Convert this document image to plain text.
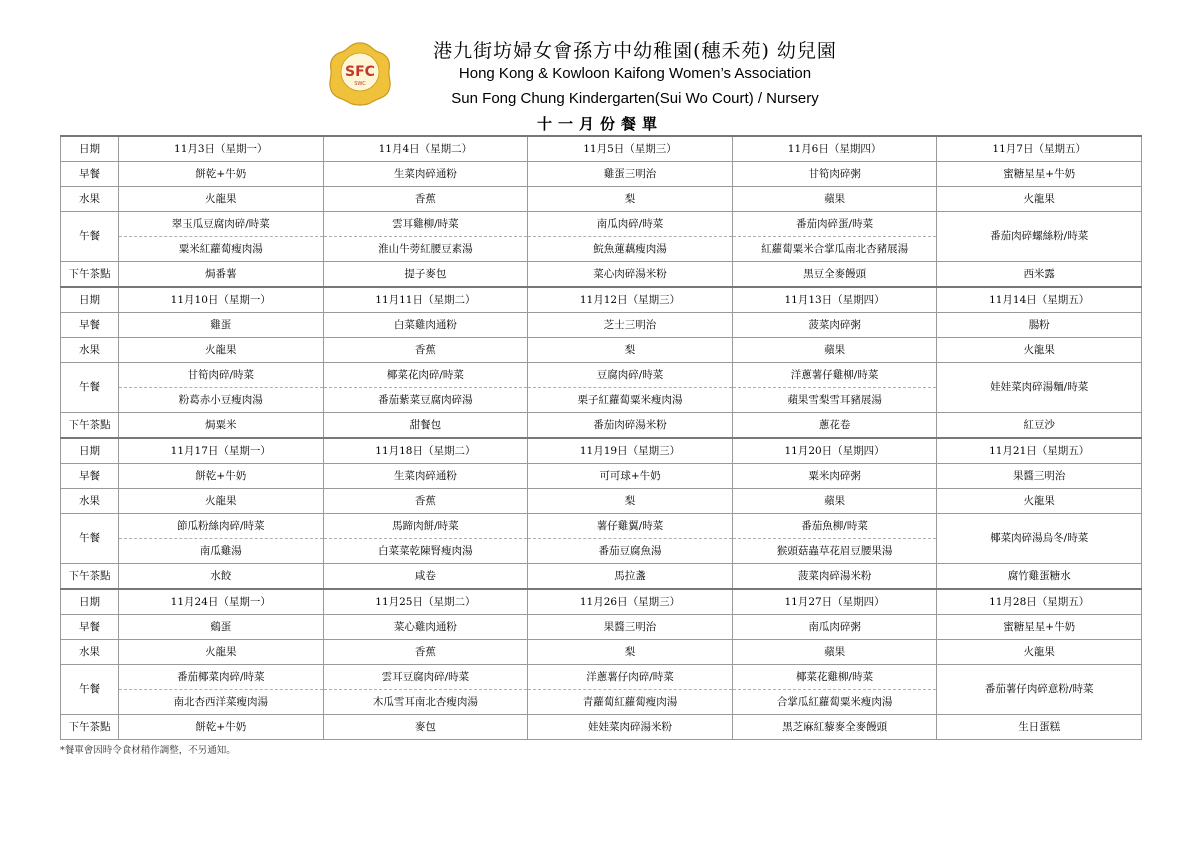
SFC
SWC
港九街坊婦女會孫方中幼稚園(穗禾苑) 幼兒園
Hong Kong & Kowloon Kaifong Women’s Association
Sun Fong Chung Kindergarten(Sui Wo Court) / Nursery
十一月份餐單
日期	11月3日（星期一）	11月4日（星期二）	11月5日（星期三）	11月6日（星期四）	11月7日（星期五）
早餐	餅乾+牛奶	生菜肉碎通粉	雞蛋三明治	甘筍肉碎粥	蜜糖星星+牛奶
水果	火龍果	香蕉	梨	蘋果	火龍果
午餐	翠玉瓜豆腐肉碎/時菜	雲耳雞柳/時菜	南瓜肉碎/時菜	番茄肉碎蛋/時菜	番茄肉碎螺絲粉/時菜
	粟米紅蘿蔔瘦肉湯	淮山牛蒡紅腰豆素湯	鯇魚蓮藕瘦肉湯	紅蘿蔔粟米合掌瓜南北杏豬展湯	
下午茶點	焗番薯	提子麥包	菜心肉碎湯米粉	黑豆全麥饅頭	西米露
日期	11月10日（星期一）	11月11日（星期二）	11月12日（星期三）	11月13日（星期四）	11月14日（星期五）
早餐	雞蛋	白菜雞肉通粉	芝士三明治	菠菜肉碎粥	腸粉
水果	火龍果	香蕉	梨	蘋果	火龍果
午餐	甘筍肉碎/時菜	椰菜花肉碎/時菜	豆腐肉碎/時菜	洋蔥薯仔雞柳/時菜	娃娃菜肉碎湯麵/時菜
	粉葛赤小豆瘦肉湯	番茄紫菜豆腐肉碎湯	栗子紅蘿蔔粟米瘦肉湯	蘋果雪梨雪耳豬展湯	
下午茶點	焗粟米	甜餐包	番茄肉碎湯米粉	蔥花卷	紅豆沙
日期	11月17日（星期一）	11月18日（星期二）	11月19日（星期三）	11月20日（星期四）	11月21日（星期五）
早餐	餅乾+牛奶	生菜肉碎通粉	可可球+牛奶	粟米肉碎粥	果醬三明治
水果	火龍果	香蕉	梨	蘋果	火龍果
午餐	節瓜粉絲肉碎/時菜	馬蹄肉餅/時菜	薯仔雞翼/時菜	番茄魚柳/時菜	椰菜肉碎湯烏冬/時菜
	南瓜雞湯	白菜菜乾陳腎瘦肉湯	番茄豆腐魚湯	猴頭菇蟲草花眉豆腰果湯	
下午茶點	水餃	咸卷	馬拉盞	菠菜肉碎湯米粉	腐竹雞蛋糖水
日期	11月24日（星期一）	11月25日（星期二）	11月26日（星期三）	11月27日（星期四）	11月28日（星期五）
早餐	鷄蛋	菜心雞肉通粉	果醬三明治	南瓜肉碎粥	蜜糖星星+牛奶
水果	火龍果	香蕉	梨	蘋果	火龍果
午餐	番茄椰菜肉碎/時菜	雲耳豆腐肉碎/時菜	洋蔥薯仔肉碎/時菜	椰菜花雞柳/時菜	番茄薯仔肉碎意粉/時菜
	南北杏西洋菜瘦肉湯	木瓜雪耳南北杏瘦肉湯	青蘿蔔紅蘿蔔瘦肉湯	合掌瓜紅蘿蔔粟米瘦肉湯	
下午茶點	餅乾+牛奶	麥包	娃娃菜肉碎湯米粉	黑芝麻紅藜麥全麥饅頭	生日蛋糕
*餐單會因時令食材稍作調整，不另通知。
